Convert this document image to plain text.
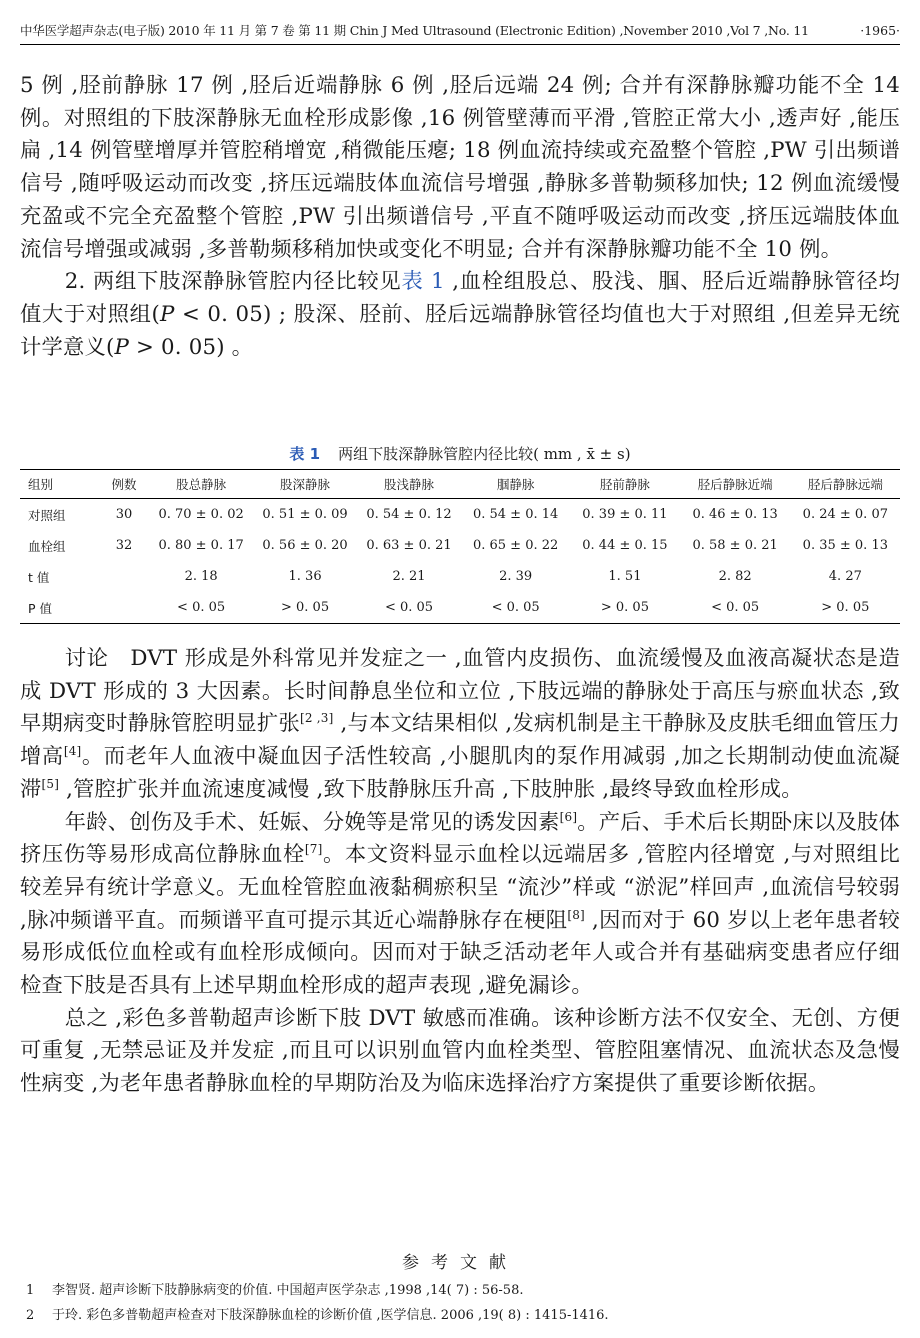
中华医学超声杂志(电子版) 2010 年 11 月 第 7 卷 第 11 期 Chin J Med Ultrasound (Electronic Edition) ,November 2010 ,Vol 7 ,No. 11	·1965·

5 例 ,胫前静脉 17 例 ,胫后近端静脉 6 例 ,胫后远端 24 例; 合并有深静脉瓣功能不全 14 例。对照组的下肢深静脉无血栓形成影像 ,16 例管壁薄而平滑 ,管腔正常大小 ,透声好 ,能压扁 ,14 例管壁增厚并管腔稍增宽 ,稍微能压瘪; 18 例血流持续或充盈整个管腔 ,PW 引出频谱信号 ,随呼吸运动而改变 ,挤压远端肢体血流信号增强 ,静脉多普勒频移加快; 12 例血流缓慢充盈或不完全充盈整个管腔 ,PW 引出频谱信号 ,平直不随呼吸运动而改变 ,挤压远端肢体血流信号增强或减弱 ,多普勒频移稍加快或变化不明显; 合并有深静脉瓣功能不全 10 例。

2. 两组下肢深静脉管腔内径比较见表 1 ,血栓组股总、股浅、腘、胫后近端静脉管径均值大于对照组(P < 0. 05) ; 股深、胫前、胫后远端静脉管径均值也大于对照组 ,但差异无统计学意义(P > 0. 05) 。

表 1 两组下肢深静脉管腔内径比较( mm , x̄ ± s)
组别	例数	股总静脉	股深静脉	股浅静脉	腘静脉	胫前静脉	胫后静脉近端	胫后静脉远端
对照组	30	0. 70 ± 0. 02	0. 51 ± 0. 09	0. 54 ± 0. 12	0. 54 ± 0. 14	0. 39 ± 0. 11	0. 46 ± 0. 13	0. 24 ± 0. 07
血栓组	32	0. 80 ± 0. 17	0. 56 ± 0. 20	0. 63 ± 0. 21	0. 65 ± 0. 22	0. 44 ± 0. 15	0. 58 ± 0. 21	0. 35 ± 0. 13
t 值		2. 18	1. 36	2. 21	2. 39	1. 51	2. 82	4. 27
P 值		< 0. 05	> 0. 05	< 0. 05	< 0. 05	> 0. 05	< 0. 05	> 0. 05

讨论　DVT 形成是外科常见并发症之一 ,血管内皮损伤、血流缓慢及血液高凝状态是造成 DVT 形成的 3 大因素。长时间静息坐位和立位 ,下肢远端的静脉处于高压与瘀血状态 ,致早期病变时静脉管腔明显扩张[2 ,3] ,与本文结果相似 ,发病机制是主干静脉及皮肤毛细血管压力增高[4]。而老年人血液中凝血因子活性较高 ,小腿肌肉的泵作用减弱 ,加之长期制动使血流凝滞[5] ,管腔扩张并血流速度减慢 ,致下肢静脉压升高 ,下肢肿胀 ,最终导致血栓形成。

年龄、创伤及手术、妊娠、分娩等是常见的诱发因素[6]。产后、手术后长期卧床以及肢体挤压伤等易形成高位静脉血栓[7]。本文资料显示血栓以远端居多 ,管腔内径增宽 ,与对照组比较差异有统计学意义。无血栓管腔血液黏稠瘀积呈 “流沙”样或 “淤泥”样回声 ,血流信号较弱 ,脉冲频谱平直。而频谱平直可提示其近心端静脉存在梗阻[8] ,因而对于 60 岁以上老年患者较易形成低位血栓或有血栓形成倾向。因而对于缺乏活动老年人或合并有基础病变患者应仔细检查下肢是否具有上述早期血栓形成的超声表现 ,避免漏诊。

总之 ,彩色多普勒超声诊断下肢 DVT 敏感而准确。该种诊断方法不仅安全、无创、方便可重复 ,无禁忌证及并发症 ,而且可以识别血管内血栓类型、管腔阻塞情况、血流状态及急慢性病变 ,为老年患者静脉血栓的早期防治及为临床选择治疗方案提供了重要诊断依据。

参考文献
1 李智贤. 超声诊断下肢静脉病变的价值. 中国超声医学杂志 ,1998 ,14( 7) : 56-58.
2 于玲. 彩色多普勒超声检查对下肢深静脉血栓的诊断价值 ,医学信息. 2006 ,19( 8) : 1415-1416.
